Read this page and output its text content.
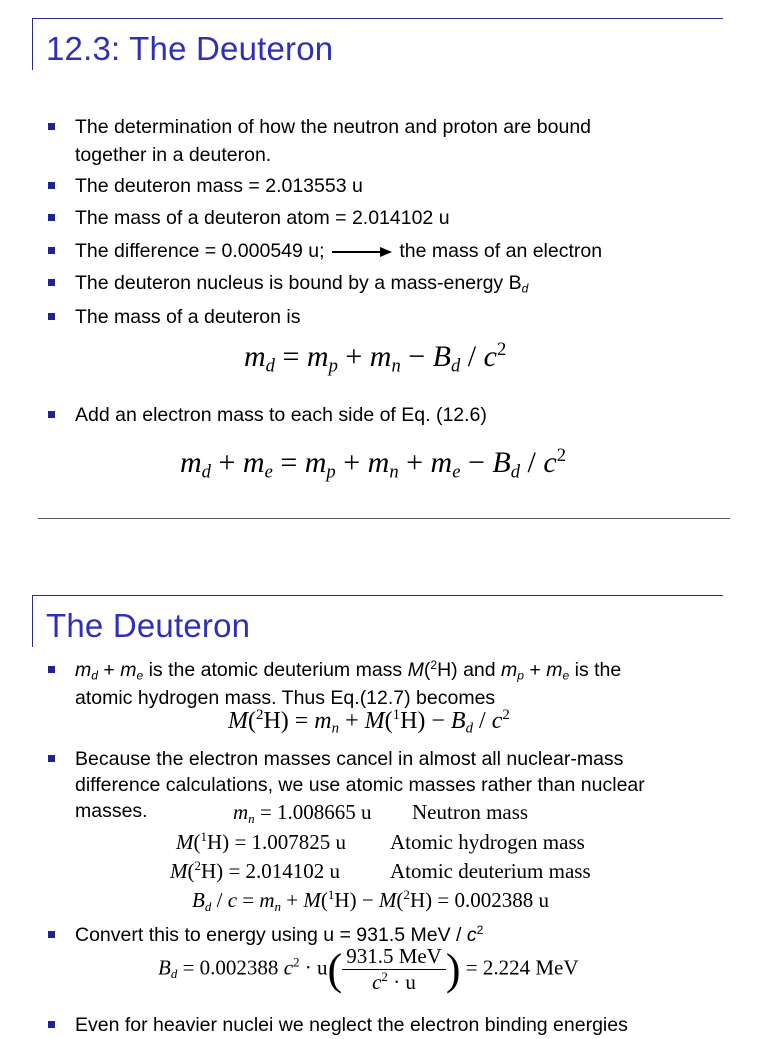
12.3: The Deuteron
The determination of how the neutron and proton are bound
together in a deuteron.
The deuteron mass = 2.013553 u
The mass of a deuteron atom = 2.014102 u
The difference = 0.000549 u;	the mass of an electron
The deuteron nucleus is bound by a mass-energy $B_d$
The mass of a deuteron is
$m_d = m_p + m_n - B_d / c^2$
Add an electron mass to each side of Eq. (12.6)
$m_d + m_e = m_p + m_n + m_e - B_d / c^2$
The Deuteron
$m_d + m_e$ is the atomic deuterium mass M($^2$H) and $m_p + m_e$ is the
atomic hydrogen mass. Thus Eq.(12.7) becomes
$M(^2H) = m_n + M(^1H) - B_d / c^2$
Because the electron masses cancel in almost all nuclear-mass
difference calculations, we use atomic masses rather than nuclear
masses.	$m_n = 1.008665$ u Neutron mass
M($^1$H) = 1.007825 u Atomic hydrogen mass
M($^2$H) = 2.014102 u Atomic deuterium mass
$B_d / c = m_n + M(^1H) - M(^2H) = 0.002388$ u
Convert this to energy using u = 931.5 MeV / $c^2$
$B_d = 0.002388$ $c^2 \cdot u( \frac{\text{931.5 MeV}}{c^2 \cdot u}$ ) = 2.224 MeV
Even for heavier nuclei we neglect the electron binding energies
